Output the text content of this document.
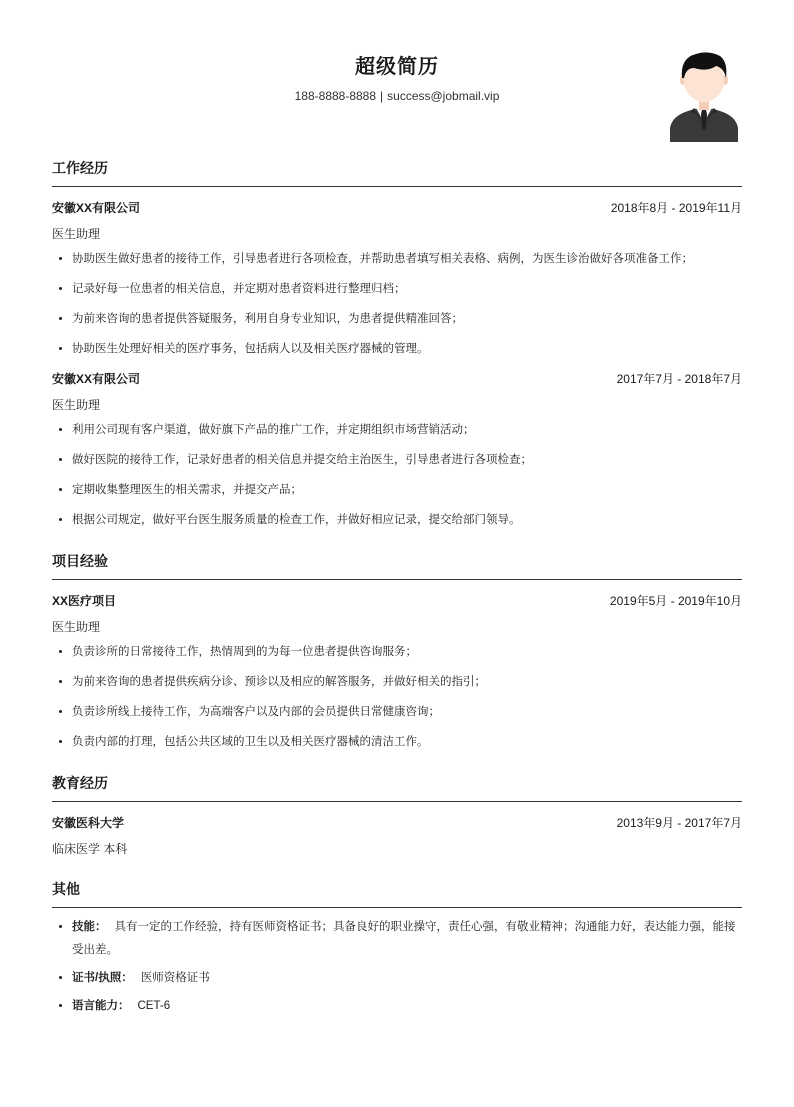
超级简历
188-8888-8888 | success@jobmail.vip
工作经历
安徽XX有限公司	2018年8月 - 2019年11月
医生助理
• 协助医生做好患者的接待工作，引导患者进行各项检查，并帮助患者填写相关表格、病例，为医生诊治做好各项准备工作；
• 记录好每一位患者的相关信息，并定期对患者资料进行整理归档；
• 为前来咨询的患者提供答疑服务，利用自身专业知识，为患者提供精准回答；
• 协助医生处理好相关的医疗事务，包括病人以及相关医疗器械的管理。
安徽XX有限公司	2017年7月 - 2018年7月
医生助理
• 利用公司现有客户渠道，做好旗下产品的推广工作，并定期组织市场营销活动；
• 做好医院的接待工作，记录好患者的相关信息并提交给主治医生，引导患者进行各项检查；
• 定期收集整理医生的相关需求，并提交产品；
• 根据公司规定，做好平台医生服务质量的检查工作，并做好相应记录，提交给部门领导。
项目经验
XX医疗项目	2019年5月 - 2019年10月
医生助理
• 负责诊所的日常接待工作，热情周到的为每一位患者提供咨询服务；
• 为前来咨询的患者提供疾病分诊、预诊以及相应的解答服务，并做好相关的指引；
• 负责诊所线上接待工作，为高端客户以及内部的会员提供日常健康咨询；
• 负责内部的打理，包括公共区域的卫生以及相关医疗器械的清洁工作。
教育经历
安徽医科大学	2013年9月 - 2017年7月
临床医学 本科
其他
• 技能： 具有一定的工作经验，持有医师资格证书；具备良好的职业操守，责任心强，有敬业精神；沟通能力好，表达能力强，能接受出差。
• 证书/执照： 医师资格证书
• 语言能力： CET-6
